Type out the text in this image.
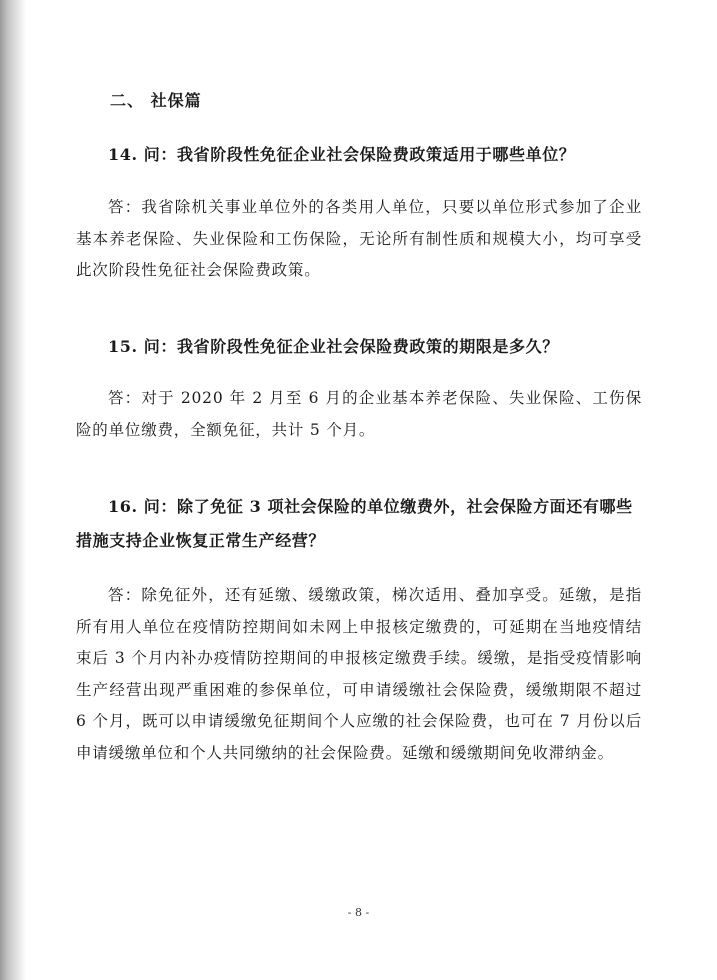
二、 社保篇
14. 问：我省阶段性免征企业社会保险费政策适用于哪些单位？
答：我省除机关事业单位外的各类用人单位，只要以单位形式参加了企业基本养老保险、失业保险和工伤保险，无论所有制性质和规模大小，均可享受此次阶段性免征社会保险费政策。
15. 问：我省阶段性免征企业社会保险费政策的期限是多久？
答：对于 2020 年 2 月至 6 月的企业基本养老保险、失业保险、工伤保险的单位缴费，全额免征，共计 5 个月。
16. 问：除了免征 3 项社会保险的单位缴费外，社会保险方面还有哪些措施支持企业恢复正常生产经营？
答：除免征外，还有延缴、缓缴政策，梯次适用、叠加享受。延缴，是指所有用人单位在疫情防控期间如未网上申报核定缴费的，可延期在当地疫情结束后 3 个月内补办疫情防控期间的申报核定缴费手续。缓缴，是指受疫情影响生产经营出现严重困难的参保单位，可申请缓缴社会保险费，缓缴期限不超过 6 个月，既可以申请缓缴免征期间个人应缴的社会保险费，也可在 7 月份以后申请缓缴单位和个人共同缴纳的社会保险费。延缴和缓缴期间免收滞纳金。
- 8 -
